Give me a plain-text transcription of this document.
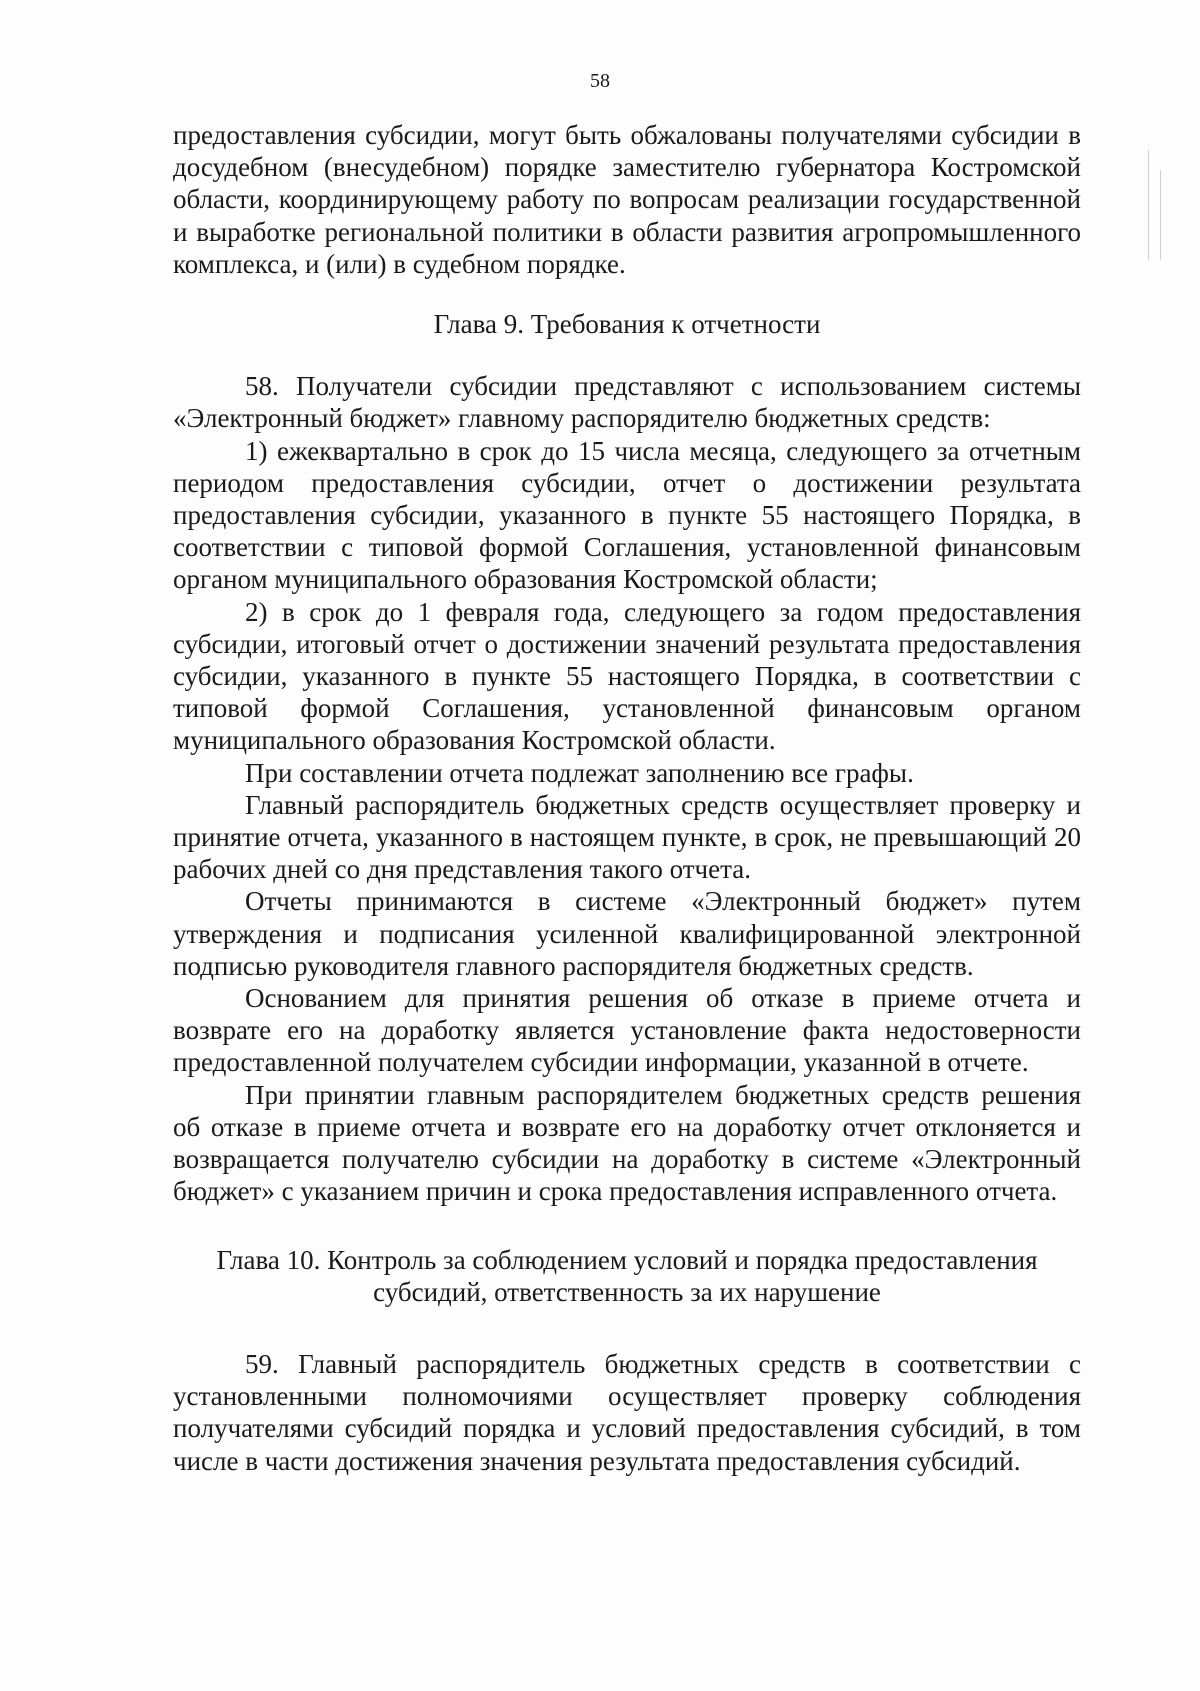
58

предоставления субсидии, могут быть обжалованы получателями субсидии в досудебном (внесудебном) порядке заместителю губернатора Костромской области, координирующему работу по вопросам реализации государственной и выработке региональной политики в области развития агропромышленного комплекса, и (или) в судебном порядке.

Глава 9. Требования к отчетности

58. Получатели субсидии представляют с использованием системы «Электронный бюджет» главному распорядителю бюджетных средств:

1) ежеквартально в срок до 15 числа месяца, следующего за отчетным периодом предоставления субсидии, отчет о достижении результата предоставления субсидии, указанного в пункте 55 настоящего Порядка, в соответствии с типовой формой Соглашения, установленной финансовым органом муниципального образования Костромской области;

2) в срок до 1 февраля года, следующего за годом предоставления субсидии, итоговый отчет о достижении значений результата предоставления субсидии, указанного в пункте 55 настоящего Порядка, в соответствии с типовой формой Соглашения, установленной финансовым органом муниципального образования Костромской области.

При составлении отчета подлежат заполнению все графы.

Главный распорядитель бюджетных средств осуществляет проверку и принятие отчета, указанного в настоящем пункте, в срок, не превышающий 20 рабочих дней со дня представления такого отчета.

Отчеты принимаются в системе «Электронный бюджет» путем утверждения и подписания усиленной квалифицированной электронной подписью руководителя главного распорядителя бюджетных средств.

Основанием для принятия решения об отказе в приеме отчета и возврате его на доработку является установление факта недостоверности предоставленной получателем субсидии информации, указанной в отчете.

При принятии главным распорядителем бюджетных средств решения об отказе в приеме отчета и возврате его на доработку отчет отклоняется и возвращается получателю субсидии на доработку в системе «Электронный бюджет» с указанием причин и срока предоставления исправленного отчета.

Глава 10. Контроль за соблюдением условий и порядка предоставления

субсидий, ответственность за их нарушение

59. Главный распорядитель бюджетных средств в соответствии с установленными полномочиями осуществляет проверку соблюдения получателями субсидий порядка и условий предоставления субсидий, в том числе в части достижения значения результата предоставления субсидий.
